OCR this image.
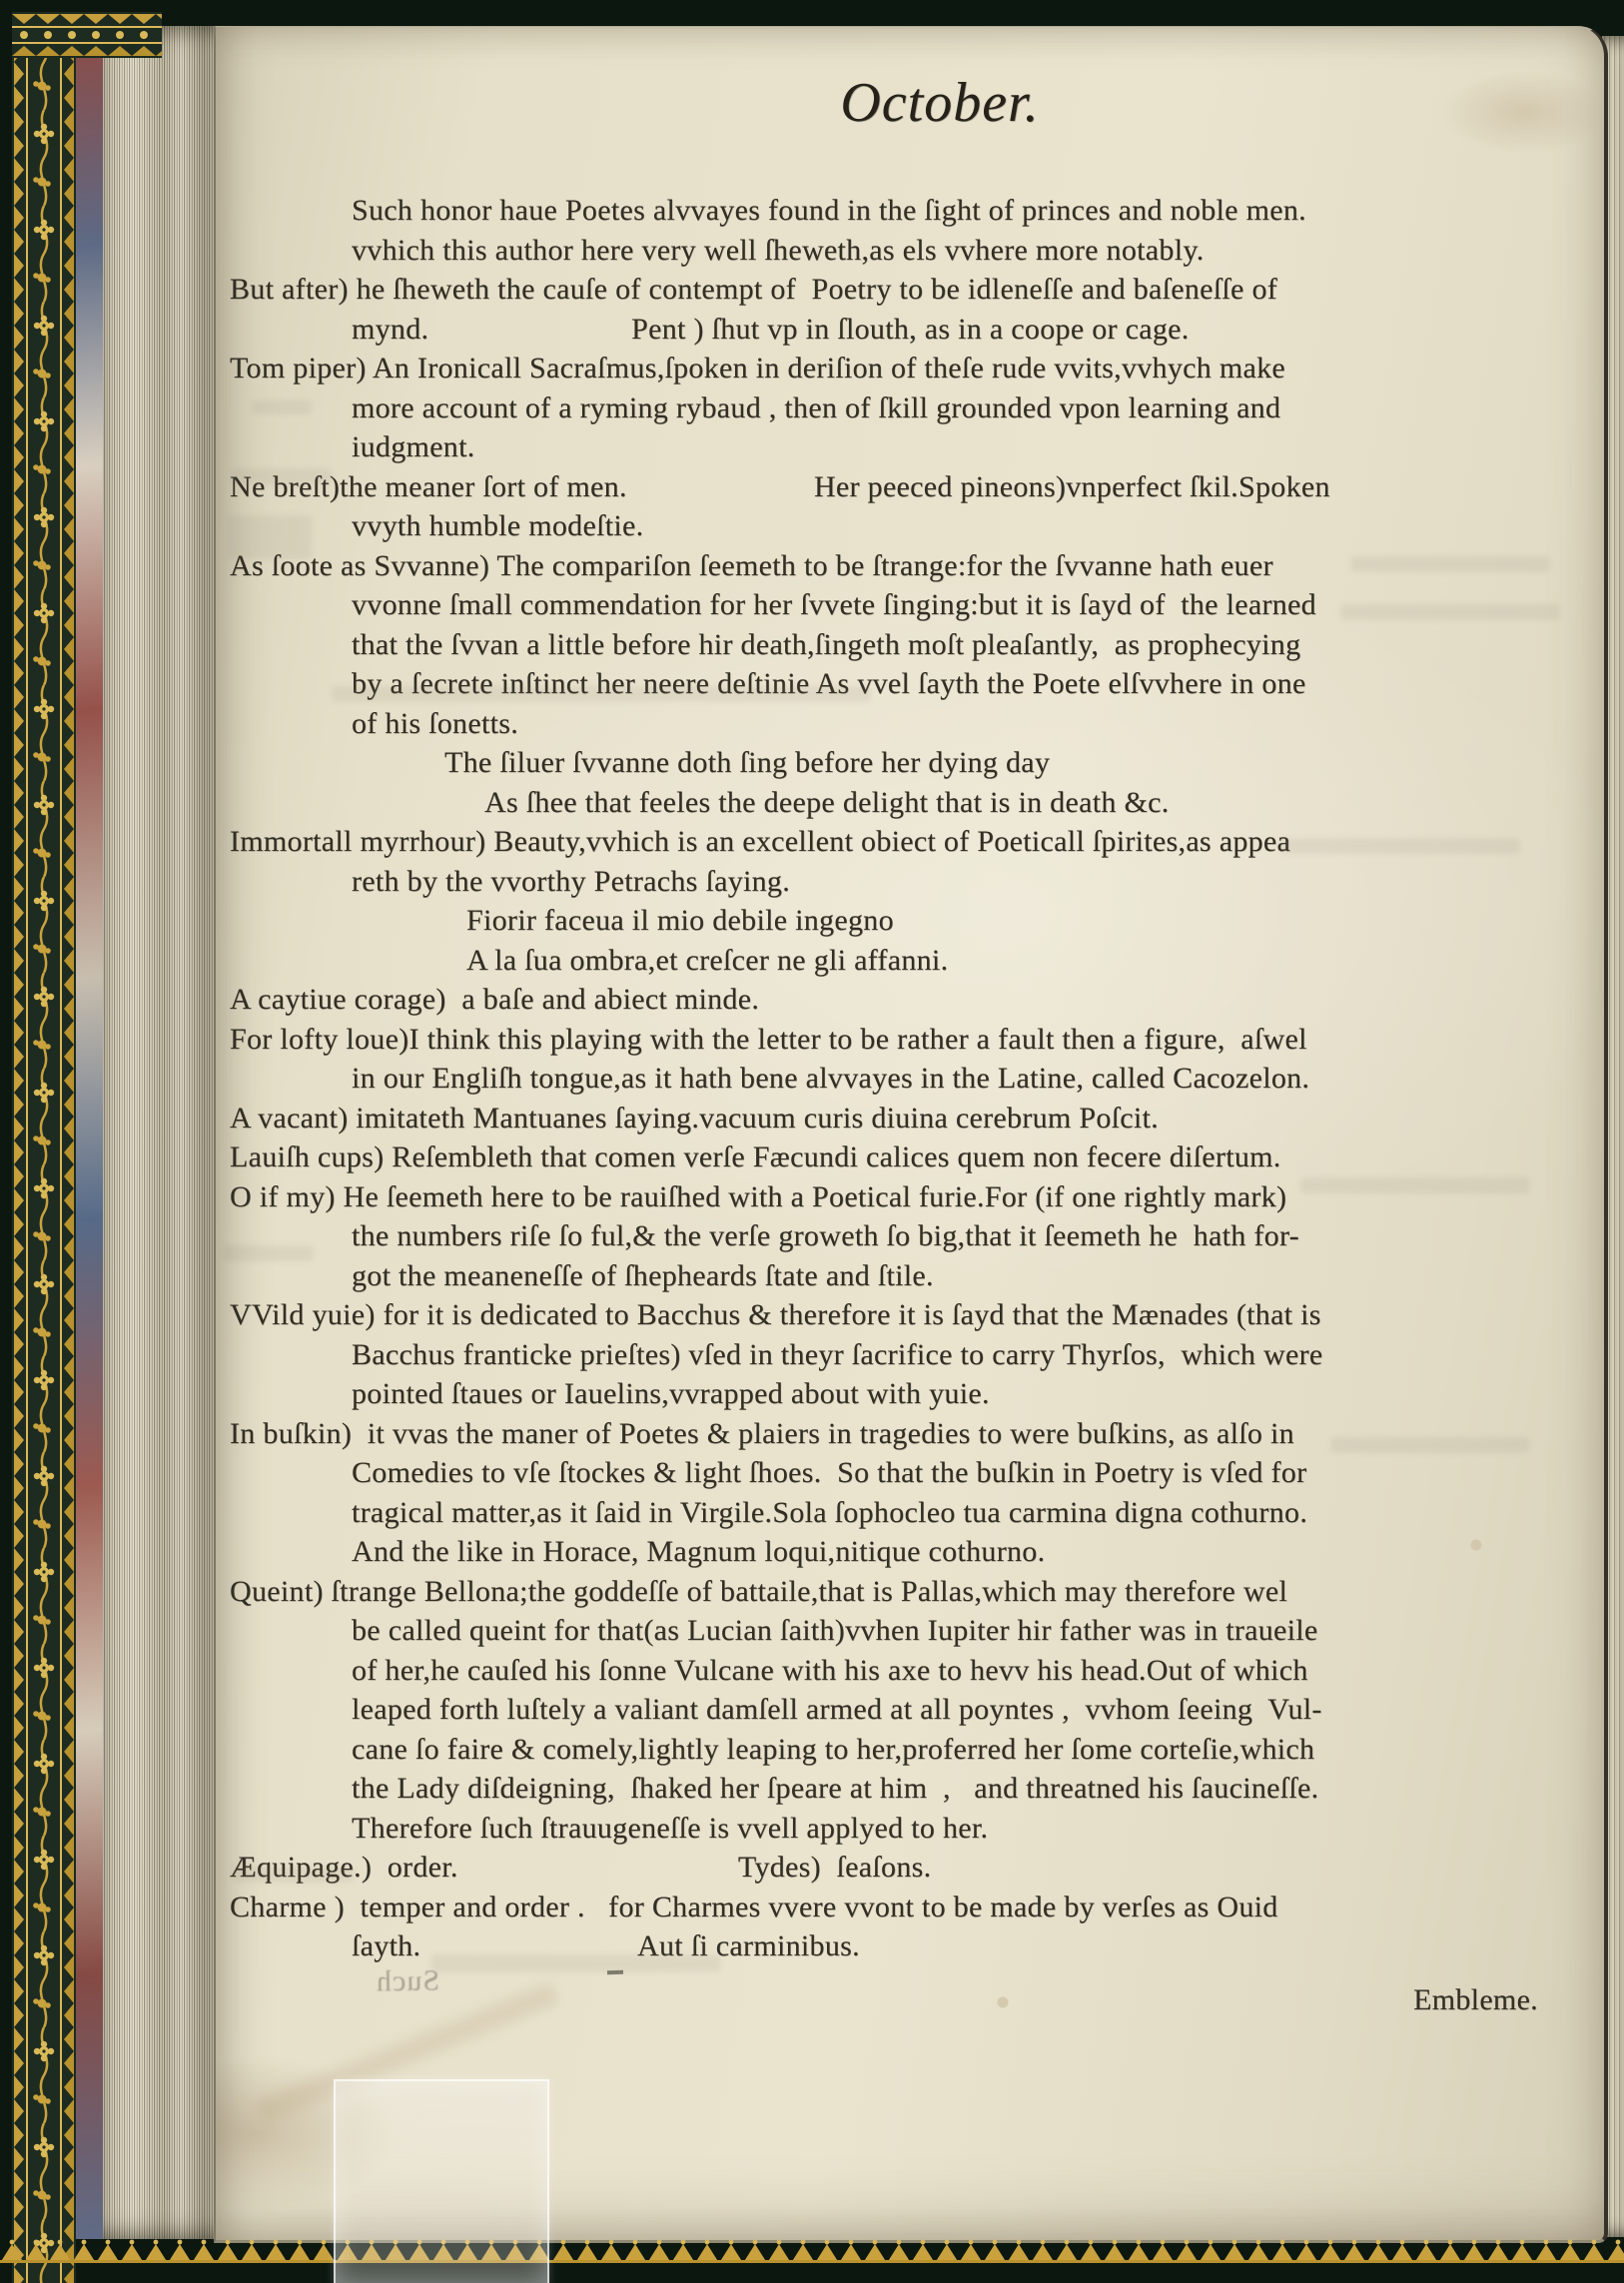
October.
Such honor haue Poetes alvvayes found in the ſight of princes and noble men.
vvhich this author here very well ſheweth,as els vvhere more notably.
But after) he ſheweth the cauſe of contempt of  Poetry to be idleneſſe and baſeneſſe of
mynd.                          Pent ) ſhut vp in ſlouth, as in a coope or cage.
Tom piper) An Ironicall Sacraſmus,ſpoken in deriſion of theſe rude vvits,vvhych make
more account of a ryming rybaud , then of ſkill grounded vpon learning and
iudgment.
Ne breſt)the meaner ſort of men.                        Her peeced pineons)vnperfect ſkil.Spoken
vvyth humble modeſtie.
As ſoote as Svvanne) The compariſon ſeemeth to be ſtrange:for the ſvvanne hath euer
vvonne ſmall commendation for her ſvvete ſinging:but it is ſayd of  the learned
that the ſvvan a little before hir death,ſingeth moſt pleaſantly,  as prophecying
by a ſecrete inſtinct her neere deſtinie As vvel ſayth the Poete elſvvhere in one
of his ſonetts.
The ſiluer ſvvanne doth ſing before her dying day
As ſhee that feeles the deepe delight that is in death &c.
Immortall myrrhour) Beauty,vvhich is an excellent obiect of Poeticall ſpirites,as appea
reth by the vvorthy Petrachs ſaying.
Fiorir faceua il mio debile ingegno
A la ſua ombra,et creſcer ne gli affanni.
A caytiue corage)  a baſe and abiect minde.
For lofty loue)I think this playing with the letter to be rather a fault then a figure,  aſwel
in our Engliſh tongue,as it hath bene alvvayes in the Latine, called Cacozelon.
A vacant) imitateth Mantuanes ſaying.vacuum curis diuina cerebrum Poſcit.
Lauiſh cups) Reſembleth that comen verſe Fæcundi calices quem non fecere diſertum.
O if my) He ſeemeth here to be rauiſhed with a Poetical furie.For (if one rightly mark)
the numbers riſe ſo ful,& the verſe groweth ſo big,that it ſeemeth he  hath for-
got the meaneneſſe of ſhepheards ſtate and ſtile.
VVild yuie) for it is dedicated to Bacchus & therefore it is ſayd that the Mænades (that is
Bacchus franticke prieſtes) vſed in theyr ſacrifice to carry Thyrſos,  which were
pointed ſtaues or Iauelins,vvrapped about with yuie.
In buſkin)  it vvas the maner of Poetes & plaiers in tragedies to were buſkins, as alſo in
Comedies to vſe ſtockes & light ſhoes.  So that the buſkin in Poetry is vſed for
tragical matter,as it ſaid in Virgile.Sola ſophocleo tua carmina digna cothurno.
And the like in Horace, Magnum loqui,nitique cothurno.
Queint) ſtrange Bellona;the goddeſſe of battaile,that is Pallas,which may therefore wel
be called queint for that(as Lucian ſaith)vvhen Iupiter hir father was in traueile
of her,he cauſed his ſonne Vulcane with his axe to hevv his head.Out of which
leaped forth luſtely a valiant damſell armed at all poyntes ,  vvhom ſeeing  Vul-
cane ſo faire & comely,lightly leaping to her,proferred her ſome corteſie,which
the Lady diſdeigning,  ſhaked her ſpeare at him  ,   and threatned his ſaucineſſe.
Therefore ſuch ſtrauugeneſſe is vvell applyed to her.
Æquipage.)  order.                                    Tydes)  ſeaſons.
Charme )  temper and order .   for Charmes vvere vvont to be made by verſes as Ouid
ſayth.                            Aut ſi carminibus.
Embleme.
Such
